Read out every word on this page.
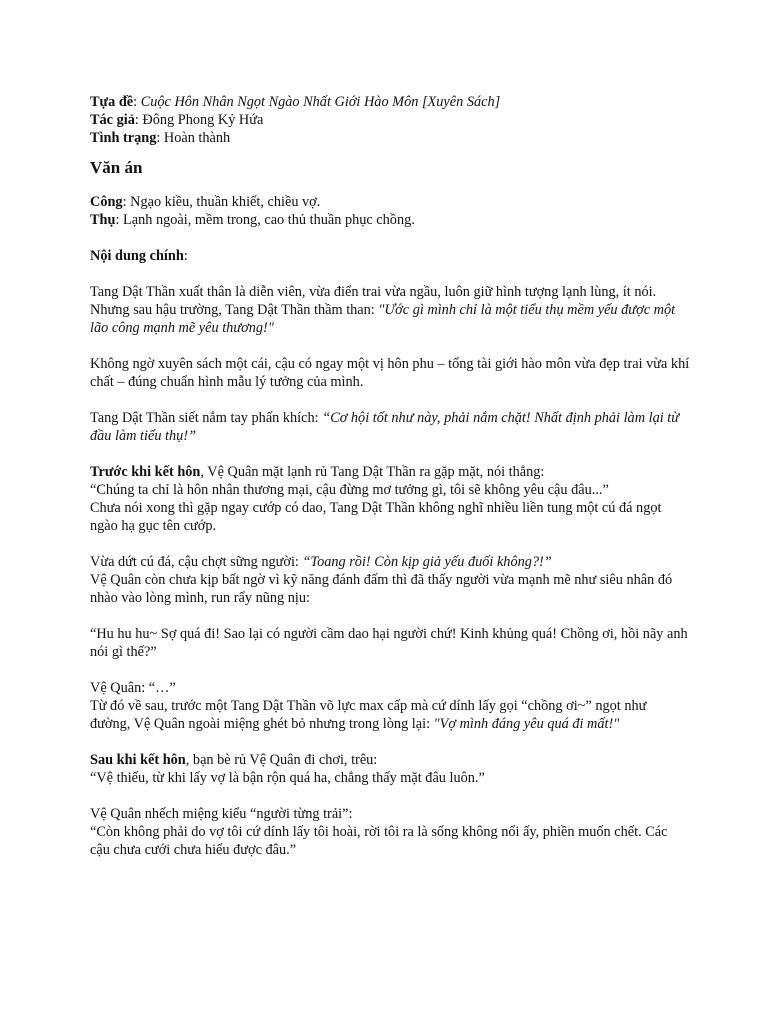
Tựa đề: Cuộc Hôn Nhân Ngọt Ngào Nhất Giới Hào Môn [Xuyên Sách]

Tác giả: Đông Phong Kỷ Hứa

Tình trạng: Hoàn thành

Văn án

Công: Ngạo kiều, thuần khiết, chiều vợ.

Thụ: Lạnh ngoài, mềm trong, cao thủ thuần phục chồng.

Nội dung chính:

Tang Dật Thần xuất thân là diễn viên, vừa điển trai vừa ngầu, luôn giữ hình tượng lạnh lùng, ít nói.

Nhưng sau hậu trường, Tang Dật Thần thầm than: "Ước gì mình chỉ là một tiểu thụ mềm yếu được một lão công mạnh mẽ yêu thương!"

Không ngờ xuyên sách một cái, cậu có ngay một vị hôn phu – tổng tài giới hào môn vừa đẹp trai vừa khí chất – đúng chuẩn hình mẫu lý tưởng của mình.

Tang Dật Thần siết nắm tay phấn khích: “Cơ hội tốt như này, phải nắm chặt! Nhất định phải làm lại từ đầu làm tiểu thụ!”

Trước khi kết hôn, Vệ Quân mặt lạnh rủ Tang Dật Thần ra gặp mặt, nói thẳng:

“Chúng ta chỉ là hôn nhân thương mại, cậu đừng mơ tưởng gì, tôi sẽ không yêu cậu đâu...”

Chưa nói xong thì gặp ngay cướp có dao, Tang Dật Thần không nghĩ nhiều liền tung một cú đá ngọt ngào hạ gục tên cướp.

Vừa dứt cú đá, cậu chợt sững người: “Toang rồi! Còn kịp giả yếu đuối không?!”

Vệ Quân còn chưa kịp bất ngờ vì kỹ năng đánh đấm thì đã thấy người vừa mạnh mẽ như siêu nhân đó nhào vào lòng mình, run rẩy nũng nịu:

“Hu hu hu~ Sợ quá đi! Sao lại có người cầm dao hại người chứ! Kinh khủng quá! Chồng ơi, hồi nãy anh nói gì thế?”

Vệ Quân: “…”

Từ đó về sau, trước một Tang Dật Thần võ lực max cấp mà cứ dính lấy gọi “chồng ơi~” ngọt như đường, Vệ Quân ngoài miệng ghét bỏ nhưng trong lòng lại: "Vợ mình đáng yêu quá đi mất!"

Sau khi kết hôn, bạn bè rủ Vệ Quân đi chơi, trêu:

“Vệ thiếu, từ khi lấy vợ là bận rộn quá ha, chẳng thấy mặt đâu luôn.”

Vệ Quân nhếch miệng kiểu “người từng trải”:

“Còn không phải do vợ tôi cứ dính lấy tôi hoài, rời tôi ra là sống không nổi ấy, phiền muốn chết. Các cậu chưa cưới chưa hiểu được đâu.”
